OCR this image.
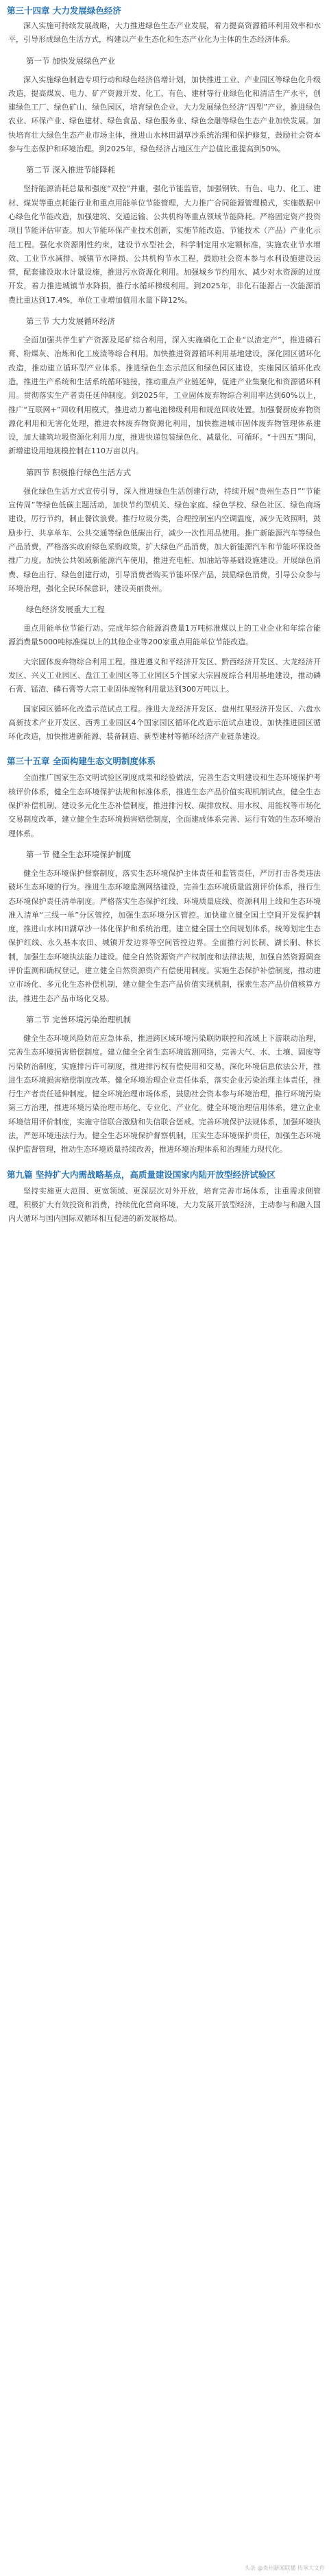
第三十四章 大力发展绿色经济

深入实施可持续发展战略，大力推进绿色生态产业发展，着力提高资源循环利用效率和水平，引导形成绿色生活方式，构建以产业生态化和生态产业化为主体的生态经济体系。

第一节 加快发展绿色产业

深入实施绿色制造专项行动和绿色经济倍增计划，加快推进工业、产业园区等绿色化升级改造，提高煤炭、电力、矿产资源开发、化工、有色、建材等行业绿色化和清洁生产水平，创建绿色工厂、绿色矿山、绿色园区，培育绿色企业。大力发展绿色经济“四型”产业，推进绿色农业、环保产业、绿色建材、绿色食品、绿色服务业、绿色金融等绿色生态产业加快发展。加快培育壮大绿色生态产业市场主体，推进山水林田湖草沙系统治理和保护修复，鼓励社会资本参与生态保护和环境治理。到2025年，绿色经济占地区生产总值比重提高到50%。

第二节 深入推进节能降耗

坚持能源消耗总量和强度“双控”并重，强化节能监管，加强钢铁、有色、电力、化工、建材、煤炭等重点耗能行业和重点用能单位节能管理，大力推广合同能源管理模式，实施数据中心绿色化节能改造，加强建筑、交通运输、公共机构等重点领域节能降耗。严格固定资产投资项目节能评估审查。加大节能环保产业技术创新，实施节能改造、节能技术（产品）产业化示范工程。强化水资源刚性约束，建设节水型社会，科学制定用水定额标准，实施农业节水增效、工业节水减排、城镇节水降损、公共机构节水工程，鼓励社会资本参与水利设施建设运营，配套建设取水计量设施，推进污水资源化利用。加强城乡节约用水、减少对水资源的过度开发，着力推进城镇节水降损，推行水循环梯级利用。到2025年，非化石能源占一次能源消费比重达到17.4%，单位工业增加值用水量下降12%。

第三节 大力发展循环经济

全面加强共伴生矿产资源及尾矿综合利用，深入实施磷化工企业“以渣定产”，推进磷石膏、粉煤灰、冶炼和化工废渣等综合利用。加快推进资源循环利用基地建设，深化园区循环化改造，推动建立循环型产业体系。推进绿色生态示范区和绿色园区建设，实施园区循环化改造，推进生产系统和生活系统循环链接，推动重点产业链延伸，促进产业集聚化和资源循环利用。贯彻落实生产者责任延伸制度。到2025年，工业固体废弃物综合利用率达到60%以上，推广“互联网+”回收利用模式，推进动力蓄电池梯级利用和规范回收处置。加强餐厨废弃物资源化利用和无害化处理，推进农林废弃物资源化利用，加快推进城市固体废弃物管理体系建设，加大建筑垃圾资源化利用力度，推进快递包装绿色化、减量化、可循环。“十四五”期间，新增建设用地规模控制在110万亩以内。

第四节 积极推行绿色生活方式

强化绿色生活方式宣传引导，深入推进绿色生活创建行动，持续开展“贵州生态日”“节能宣传周”等绿色低碳主题活动，加快节约型机关、绿色家庭、绿色学校、绿色社区、绿色商场建设，厉行节约，制止餐饮浪费。推行垃圾分类，合理控制室内空调温度，减少无效照明，鼓励步行、共享单车、公共交通等绿色低碳出行，减少一次性用品使用。推广新能源汽车等绿色产品消费，严格落实政府绿色采购政策，扩大绿色产品消费，加大新能源汽车和节能环保设备推广力度。加快公共领域新能源汽车使用，推进充电桩、加油站等基础设施建设。开展绿色消费、绿色出行、绿色创建行动，引导消费者购买节能环保产品，鼓励绿色消费，引导公众参与环境治理，强化全民环保意识，建设美丽贵州。

绿色经济发展重大工程

重点用能单位节能行动。完成年综合能源消费量1万吨标准煤以上的工业企业和年综合能源消费量5000吨标准煤以上的其他企业等200家重点用能单位节能改造。

大宗固体废弃物综合利用工程。推进遵义和平经济开发区、黔西经济开发区、大龙经济开发区、兴义工业园区、盘江工业园区等工业园区5个国家大宗固废综合利用基地建设，推动磷石膏、锰渣、磷石膏等大宗工业固体废物利用量达到300万吨以上。

国家园区循环化改造示范试点工程。推进大龙经济开发区、盘州红果经济开发区、六盘水高新技术产业开发区、西秀工业园区4个国家园区循环化改造示范试点建设。加快推进园区循环化改造，加快推进新能源、装备制造、新型建材等循环经济产业链条建设。

第三十五章 全面构建生态文明制度体系

全面推广国家生态文明试验区制度成果和经验做法，完善生态文明建设和生态环境保护考核评价体系，健全生态环境保护法规和标准体系，推进生态产品价值实现机制试点，健全生态保护补偿机制、建设多元化生态补偿制度，推进排污权、碳排放权、用水权、用能权等市场化交易制度改革，建立健全生态环境损害赔偿制度，全面建成体系完善、运行有效的生态环境治理体系。

第一节 健全生态环境保护制度

健全生态环境保护督察制度，落实生态环境保护主体责任和监管责任，严厉打击各类违法破坏生态环境的行为。推进生态环境监测网络建设，完善生态环境质量监测评价体系，推行生态环境保护责任清单制度。严格落实生态保护红线、环境质量底线、资源利用上线和生态环境准入清单“三线一单”分区管控，加强生态环境分区管控。加快建立健全国土空间开发保护制度，推进山水林田湖草沙一体化保护和系统治理。建立健全国土空间规划体系，统筹划定生态保护红线、永久基本农田、城镇开发边界等空间管控边界。全面推行河长制、湖长制、林长制，加强生态环境执法能力建设。健全自然资源资产产权制度和法律法规，加强自然资源调查评价监测和确权登记，建立健全自然资源资产有偿使用制度。实施生态保护补偿制度，推动建立市场化、多元化生态补偿机制，建立健全生态产品价值实现机制，探索生态产品价值核算方法，推进生态产品市场化交易。

第二节 完善环境污染治理机制

健全生态环境风险防范应急体系，推进跨区域环境污染联防联控和流域上下游联动治理，完善生态环境损害赔偿制度。建立健全全省生态环境监测网络，完善大气、水、土壤、固废等污染防治制度，实施排污许可制度，推进排污权有偿使用和交易，深化环境信息依法公开，推进生态环境损害赔偿制度改革。健全环境治理企业责任体系，落实企业污染治理主体责任，推行生产者责任延伸制度。健全环境治理市场体系，鼓励社会资本参与环境治理，推行环境污染第三方治理，推进环境污染治理市场化、专业化、产业化。健全环境治理信用体系，建立企业环境信用评价制度，实施守信联合激励和失信联合惩戒。完善环境保护法规体系，加强环境执法，严惩环境违法行为。健全生态环境保护督察机制，压实生态环境保护责任，加强生态环境保护监督管理，推动生态环境质量持续改善，推进环境治理体系和治理能力现代化。

第九篇 坚持扩大内需战略基点，高质量建设国家内陆开放型经济试验区

坚持实施更大范围、更宽领域、更深层次对外开放，培育完善市场体系，注重需求侧管理，积极扩大有效投资和消费，持续优化营商环境，大力发展开放型经济，主动参与和融入国内大循环与国内国际双循环相互促进的新发展格局。

头条 @贵州新闻联播 传承大文件
